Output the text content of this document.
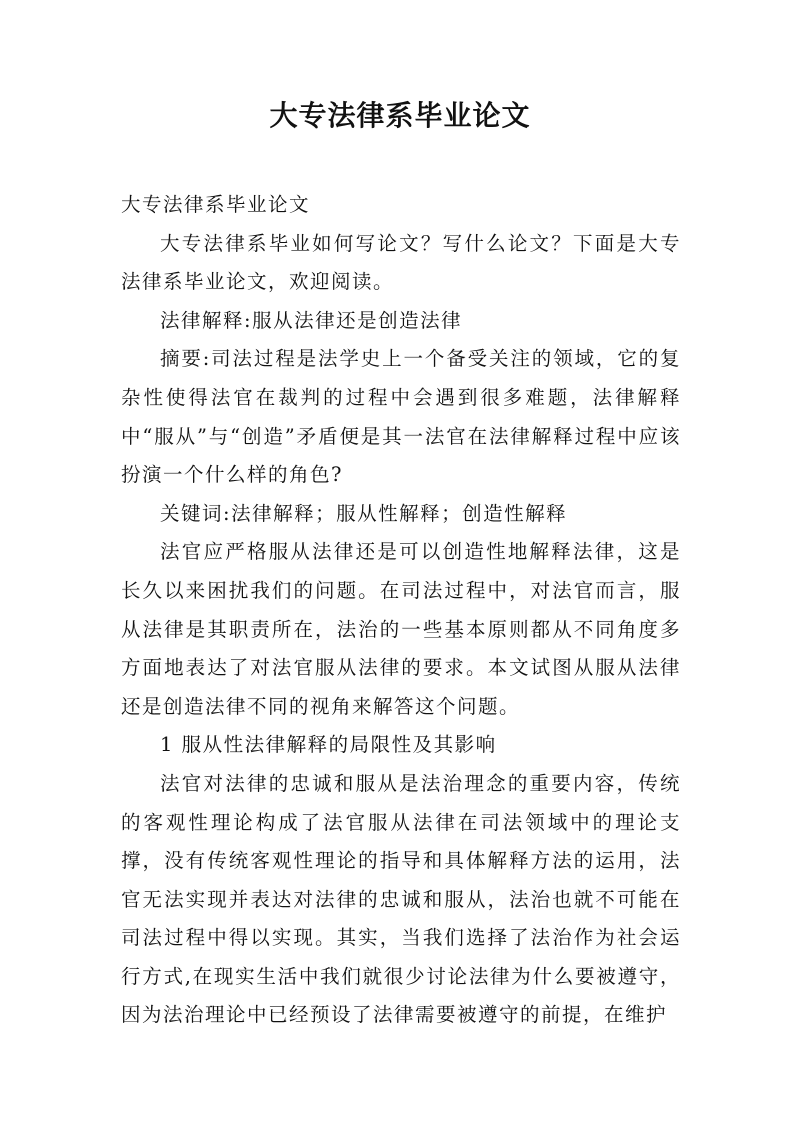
大专法律系毕业论文

大专法律系毕业论文

大专法律系毕业如何写论文？写什么论文？下面是大专法律系毕业论文，欢迎阅读。

法律解释:服从法律还是创造法律

摘要:司法过程是法学史上一个备受关注的领域，它的复杂性使得法官在裁判的过程中会遇到很多难题，法律解释中“服从”与“创造”矛盾便是其一法官在法律解释过程中应该扮演一个什么样的角色?

关键词:法律解释；服从性解释；创造性解释

法官应严格服从法律还是可以创造性地解释法律，这是长久以来困扰我们的问题。在司法过程中，对法官而言，服从法律是其职责所在，法治的一些基本原则都从不同角度多方面地表达了对法官服从法律的要求。本文试图从服从法律还是创造法律不同的视角来解答这个问题。

1 服从性法律解释的局限性及其影响

法官对法律的忠诚和服从是法治理念的重要内容，传统的客观性理论构成了法官服从法律在司法领域中的理论支撑，没有传统客观性理论的指导和具体解释方法的运用，法官无法实现并表达对法律的忠诚和服从，法治也就不可能在司法过程中得以实现。其实，当我们选择了法治作为社会运行方式,在现实生活中我们就很少讨论法律为什么要被遵守，因为法治理论中已经预设了法律需要被遵守的前提，在维护
